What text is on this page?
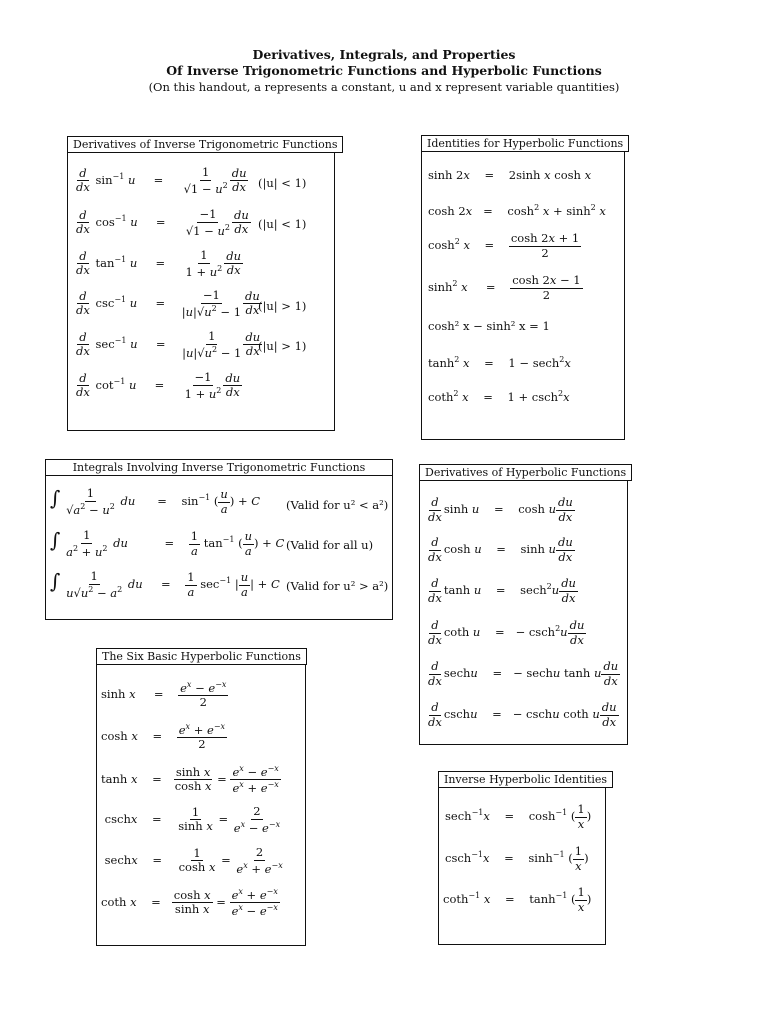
Derivatives, Integrals, and Properties
Of Inverse Trigonometric Functions and Hyperbolic Functions
(On this handout, a represents a constant, u and x represent variable quantities)
Derivatives of Inverse Trigonometric Functions
$\frac{d}{dx} \sin^{-1} u$     = $\frac{1}{√1 - u^2} \frac{du}{dx} (|u| < 1)$
$\frac{d}{dx} \cos^{-1} u$     = $\frac{-1}{√1 - u^2} \frac{du}{dx} (|u| < 1)$
$\frac{d}{dx} \tan^{-1} u$     = $\frac{1}{1 + u^2} \frac{du}{dx}$
$\frac{d}{dx} \csc^{-1} u$     = $\frac{-1}{|u|√u^2 - 1} \frac{du}{dx}$
(|u| > 1)
$\frac{d}{dx} \sec^{-1} u$     = $\frac{1}{|u|√u^2 - 1} \frac{du}{dx}$
(|u| > 1)
$\frac{d}{dx} \cot^{-1} u$     = $\frac{-1}{1 + u^2} \frac{du}{dx}$
Identities for Hyperbolic Functions
sinh 2x    =    2sinh x cosh x
cosh 2x   =    $\cosh^2 x + \sinh^2 x$
$\cosh^2 x$    = $\frac{\cosh 2x + 1}{2}$
$\sinh^2 x$     = $\frac{\cosh 2x - 1}{2}$
cosh² x − sinh² x = 1
$\tanh^2 x$    =    1 − sech$^2$x
coth$^2$ x    =    1 + csch$^2$x
Integrals Involving Inverse Trigonometric Functions
∫ $\frac{1}{√a^2 - u^2}$ du      =    $\sin^{-1}$ ( $\frac{u}{a}$ ) + C (Valid for u² < a²)
∫ $\frac{1}{a^2 + u^2}$ du          = $\frac{1}{a} \tan^{-1}$ ( $\frac{u}{a}$ ) + C (Valid for all u)
∫ $\frac{1}{u√u^2 - a^2}$ du     = $\frac{1}{a} \sec^{-1}$ | $\frac{u}{a}$ | + C (Valid for u² > a²)
Derivatives of Hyperbolic Functions
$\frac{d}{dx}$ sinh u    =    cosh u $\frac{du}{dx}$
$\frac{d}{dx}$ cosh u    =    sinh u $\frac{du}{dx}$
$\frac{d}{dx}$ tanh u    =    $\sec h^2u \frac{du}{dx}$
$\frac{d}{dx}$ coth u    =   − $\csc h^2u \frac{du}{dx}$
$\frac{d}{dx}$ sechu    =   − sechu tanh u $\frac{du}{dx}$
$\frac{d}{dx}$ cschu    =   − cschu coth u $\frac{du}{dx}$
The Six Basic Hyperbolic Functions
sinh x     = $\frac{e^x - e^{-x}}{2}$
cosh x    = $\frac{e^x + e^{-x}}{2}$
tanh x    = $\frac{\text{sinh x}}{\text{cosh x}} = \frac{e^x - e^{-x}}{e^x + e^{-x}}$
cschx    = $\frac{1}{\text{sinh x}} = \frac{2}{e^x - e^{-x}}$
sechx    = $\frac{1}{\text{cosh x}} = \frac{2}{e^x + e^{-x}}$
coth x    = $\frac{\text{cosh x}}{\text{sinh x}} = \frac{e^x + e^{-x}}{e^x - e^{-x}}$
Inverse Hyperbolic Identities
sech$^{-1}$x    =    $\cosh^{-1}$ ( $\frac{1}{x}$ )
csch$^{-1}$x    =    $\sinh^{-1}$ ( $\frac{1}{x}$ )
coth$^{-1}$ x    =    $\tanh^{-1}$ ( $\frac{1}{x}$ )
